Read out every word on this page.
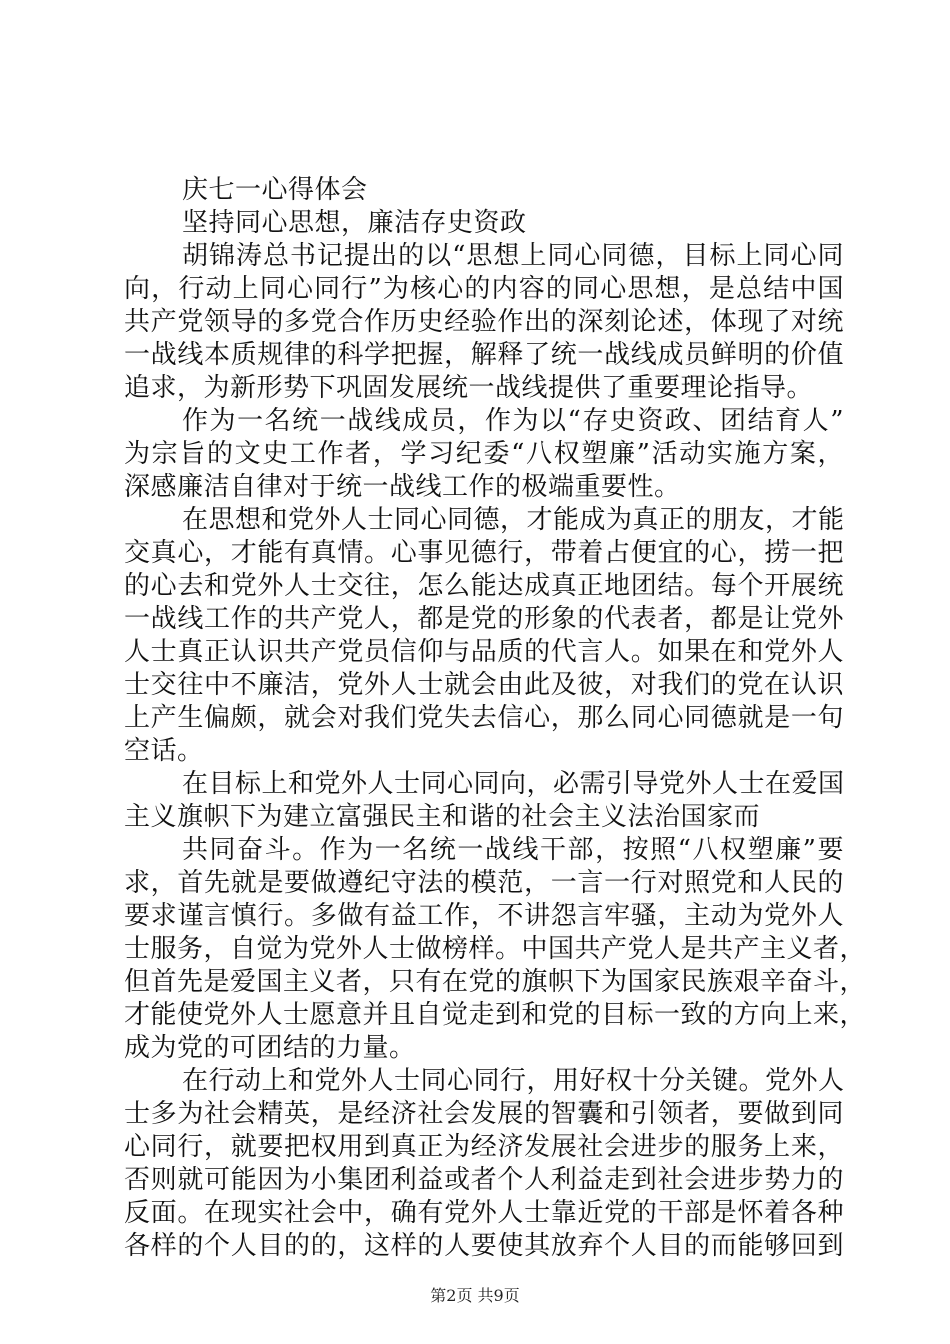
庆七一心得体会
坚持同心思想，廉洁存史资政
胡锦涛总书记提出的以“思想上同心同德，目标上同心同
向，行动上同心同行”为核心的内容的同心思想，是总结中国
共产党领导的多党合作历史经验作出的深刻论述，体现了对统
一战线本质规律的科学把握，解释了统一战线成员鲜明的价值
追求，为新形势下巩固发展统一战线提供了重要理论指导。
作为一名统一战线成员，作为以“存史资政、团结育人”
为宗旨的文史工作者，学习纪委“八权塑廉”活动实施方案，
深感廉洁自律对于统一战线工作的极端重要性。
在思想和党外人士同心同德，才能成为真正的朋友，才能
交真心，才能有真情。心事见德行，带着占便宜的心，捞一把
的心去和党外人士交往，怎么能达成真正地团结。每个开展统
一战线工作的共产党人，都是党的形象的代表者，都是让党外
人士真正认识共产党员信仰与品质的代言人。如果在和党外人
士交往中不廉洁，党外人士就会由此及彼，对我们的党在认识
上产生偏颇，就会对我们党失去信心，那么同心同德就是一句
空话。
在目标上和党外人士同心同向，必需引导党外人士在爱国
主义旗帜下为建立富强民主和谐的社会主义法治国家而
共同奋斗。作为一名统一战线干部，按照“八权塑廉”要
求，首先就是要做遵纪守法的模范，一言一行对照党和人民的
要求谨言慎行。多做有益工作，不讲怨言牢骚，主动为党外人
士服务，自觉为党外人士做榜样。中国共产党人是共产主义者，
但首先是爱国主义者，只有在党的旗帜下为国家民族艰辛奋斗，
才能使党外人士愿意并且自觉走到和党的目标一致的方向上来，
成为党的可团结的力量。
在行动上和党外人士同心同行，用好权十分关键。党外人
士多为社会精英，是经济社会发展的智囊和引领者，要做到同
心同行，就要把权用到真正为经济发展社会进步的服务上来，
否则就可能因为小集团利益或者个人利益走到社会进步势力的
反面。在现实社会中，确有党外人士靠近党的干部是怀着各种
各样的个人目的的，这样的人要使其放弃个人目的而能够回到
第2页 共9页
